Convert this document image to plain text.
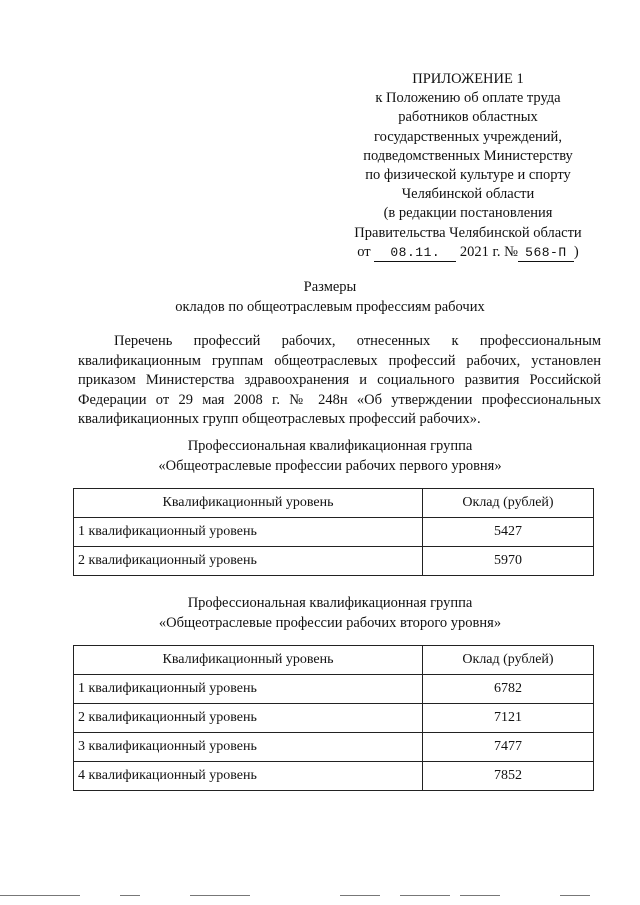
ПРИЛОЖЕНИЕ 1
к Положению об оплате труда
работников областных
государственных учреждений,
подведомственных Министерству
по физической культуре и спорту
Челябинской области
(в редакции постановления
Правительства Челябинской области
от 08.11. 2021 г. № 568-П )
Размеры
окладов по общеотраслевым профессиям рабочих

Перечень профессий рабочих, отнесенных к профессиональным квалификационным группам общеотраслевых профессий рабочих, установлен приказом Министерства здравоохранения и социального развития Российской Федерации от 29 мая 2008 г. № 248н «Об утверждении профессиональных квалификационных групп общеотраслевых профессий рабочих».

Профессиональная квалификационная группа
«Общеотраслевые профессии рабочих первого уровня»
Квалификационный уровень	Оклад (рублей)
1 квалификационный уровень	5427
2 квалификационный уровень	5970
Профессиональная квалификационная группа
«Общеотраслевые профессии рабочих второго уровня»
Квалификационный уровень	Оклад (рублей)
1 квалификационный уровень	6782
2 квалификационный уровень	7121
3 квалификационный уровень	7477
4 квалификационный уровень	7852
